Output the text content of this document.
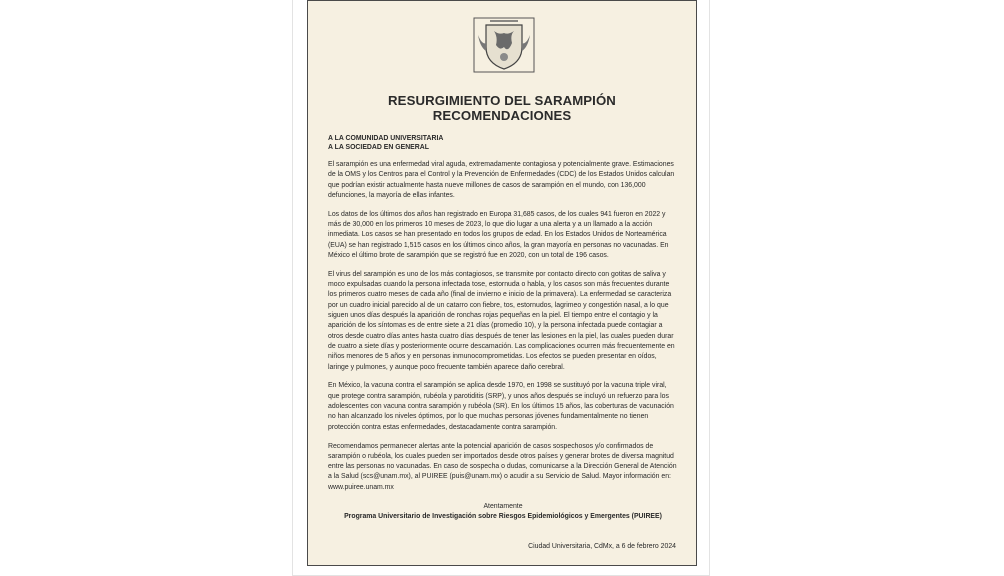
RESURGIMIENTO DEL SARAMPIÓN
RECOMENDACIONES
A LA COMUNIDAD UNIVERSITARIA
A LA SOCIEDAD EN GENERAL

El sarampión es una enfermedad viral aguda, extremadamente contagiosa y potencialmente grave. Estimaciones de la OMS y los Centros para el Control y la Prevención de Enfermedades (CDC) de los Estados Unidos calculan que podrían existir actualmente hasta nueve millones de casos de sarampión en el mundo, con 136,000 defunciones, la mayoría de ellas infantes.

Los datos de los últimos dos años han registrado en Europa 31,685 casos, de los cuales 941 fueron en 2022 y más de 30,000 en los primeros 10 meses de 2023, lo que dio lugar a una alerta y a un llamado a la acción inmediata. Los casos se han presentado en todos los grupos de edad. En los Estados Unidos de Norteamérica (EUA) se han registrado 1,515 casos en los últimos cinco años, la gran mayoría en personas no vacunadas. En México el último brote de sarampión que se registró fue en 2020, con un total de 196 casos.

El virus del sarampión es uno de los más contagiosos, se transmite por contacto directo con gotitas de saliva y moco expulsadas cuando la persona infectada tose, estornuda o habla, y los casos son más frecuentes durante los primeros cuatro meses de cada año (final de invierno e inicio de la primavera). La enfermedad se caracteriza por un cuadro inicial parecido al de un catarro con fiebre, tos, estornudos, lagrimeo y congestión nasal, a lo que siguen unos días después la aparición de ronchas rojas pequeñas en la piel. El tiempo entre el contagio y la aparición de los síntomas es de entre siete a 21 días (promedio 10), y la persona infectada puede contagiar a otros desde cuatro días antes hasta cuatro días después de tener las lesiones en la piel, las cuales pueden durar de cuatro a siete días y posteriormente ocurre descamación. Las complicaciones ocurren más frecuentemente en niños menores de 5 años y en personas inmunocomprometidas. Los efectos se pueden presentar en oídos, laringe y pulmones, y aunque poco frecuente también aparece daño cerebral.

En México, la vacuna contra el sarampión se aplica desde 1970, en 1998 se sustituyó por la vacuna triple viral, que protege contra sarampión, rubéola y parotiditis (SRP), y unos años después se incluyó un refuerzo para los adolescentes con vacuna contra sarampión y rubéola (SR). En los últimos 15 años, las coberturas de vacunación no han alcanzado los niveles óptimos, por lo que muchas personas jóvenes fundamentalmente no tienen protección contra estas enfermedades, destacadamente contra sarampión.

Recomendamos permanecer alertas ante la potencial aparición de casos sospechosos y/o confirmados de sarampión o rubéola, los cuales pueden ser importados desde otros países y generar brotes de diversa magnitud entre las personas no vacunadas. En caso de sospecha o dudas, comunicarse a la Dirección General de Atención a la Salud (scs@unam.mx), al PUIREE (puis@unam.mx) o acudir a su Servicio de Salud. Mayor información en: www.puiree.unam.mx

Atentamente
Programa Universitario de Investigación sobre Riesgos Epidemiológicos y Emergentes (PUIREE)
Ciudad Universitaria, CdMx, a 6 de febrero 2024
